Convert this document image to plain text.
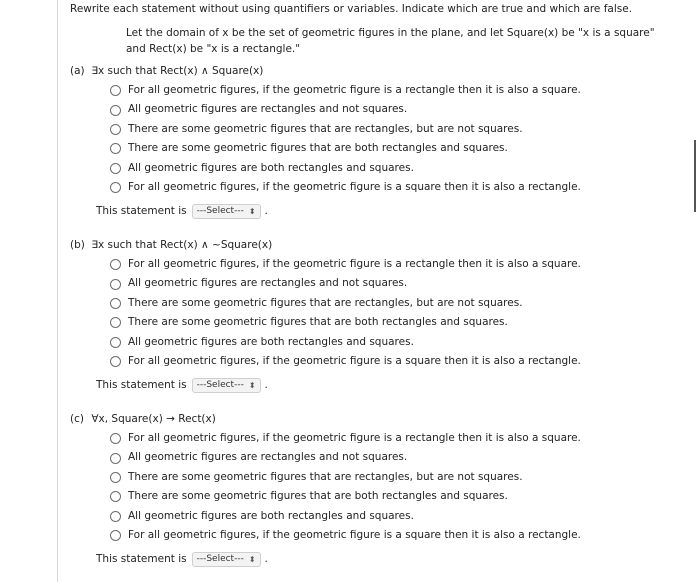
Rewrite each statement without using quantifiers or variables. Indicate which are true and which are false.
Let the domain of x be the set of geometric figures in the plane, and let Square(x) be "x is a square" and Rect(x) be "x is a rectangle."
(a) ∃x such that Rect(x) ∧ Square(x)
For all geometric figures, if the geometric figure is a rectangle then it is also a square.
All geometric figures are rectangles and not squares.
There are some geometric figures that are rectangles, but are not squares.
There are some geometric figures that are both rectangles and squares.
All geometric figures are both rectangles and squares.
For all geometric figures, if the geometric figure is a square then it is also a rectangle.
This statement is ---Select--- ⬍ .
(b) ∃x such that Rect(x) ∧ ~Square(x)
For all geometric figures, if the geometric figure is a rectangle then it is also a square.
All geometric figures are rectangles and not squares.
There are some geometric figures that are rectangles, but are not squares.
There are some geometric figures that are both rectangles and squares.
All geometric figures are both rectangles and squares.
For all geometric figures, if the geometric figure is a square then it is also a rectangle.
This statement is ---Select--- ⬍ .
(c) ∀x, Square(x) → Rect(x)
For all geometric figures, if the geometric figure is a rectangle then it is also a square.
All geometric figures are rectangles and not squares.
There are some geometric figures that are rectangles, but are not squares.
There are some geometric figures that are both rectangles and squares.
All geometric figures are both rectangles and squares.
For all geometric figures, if the geometric figure is a square then it is also a rectangle.
This statement is ---Select--- ⬍ .
